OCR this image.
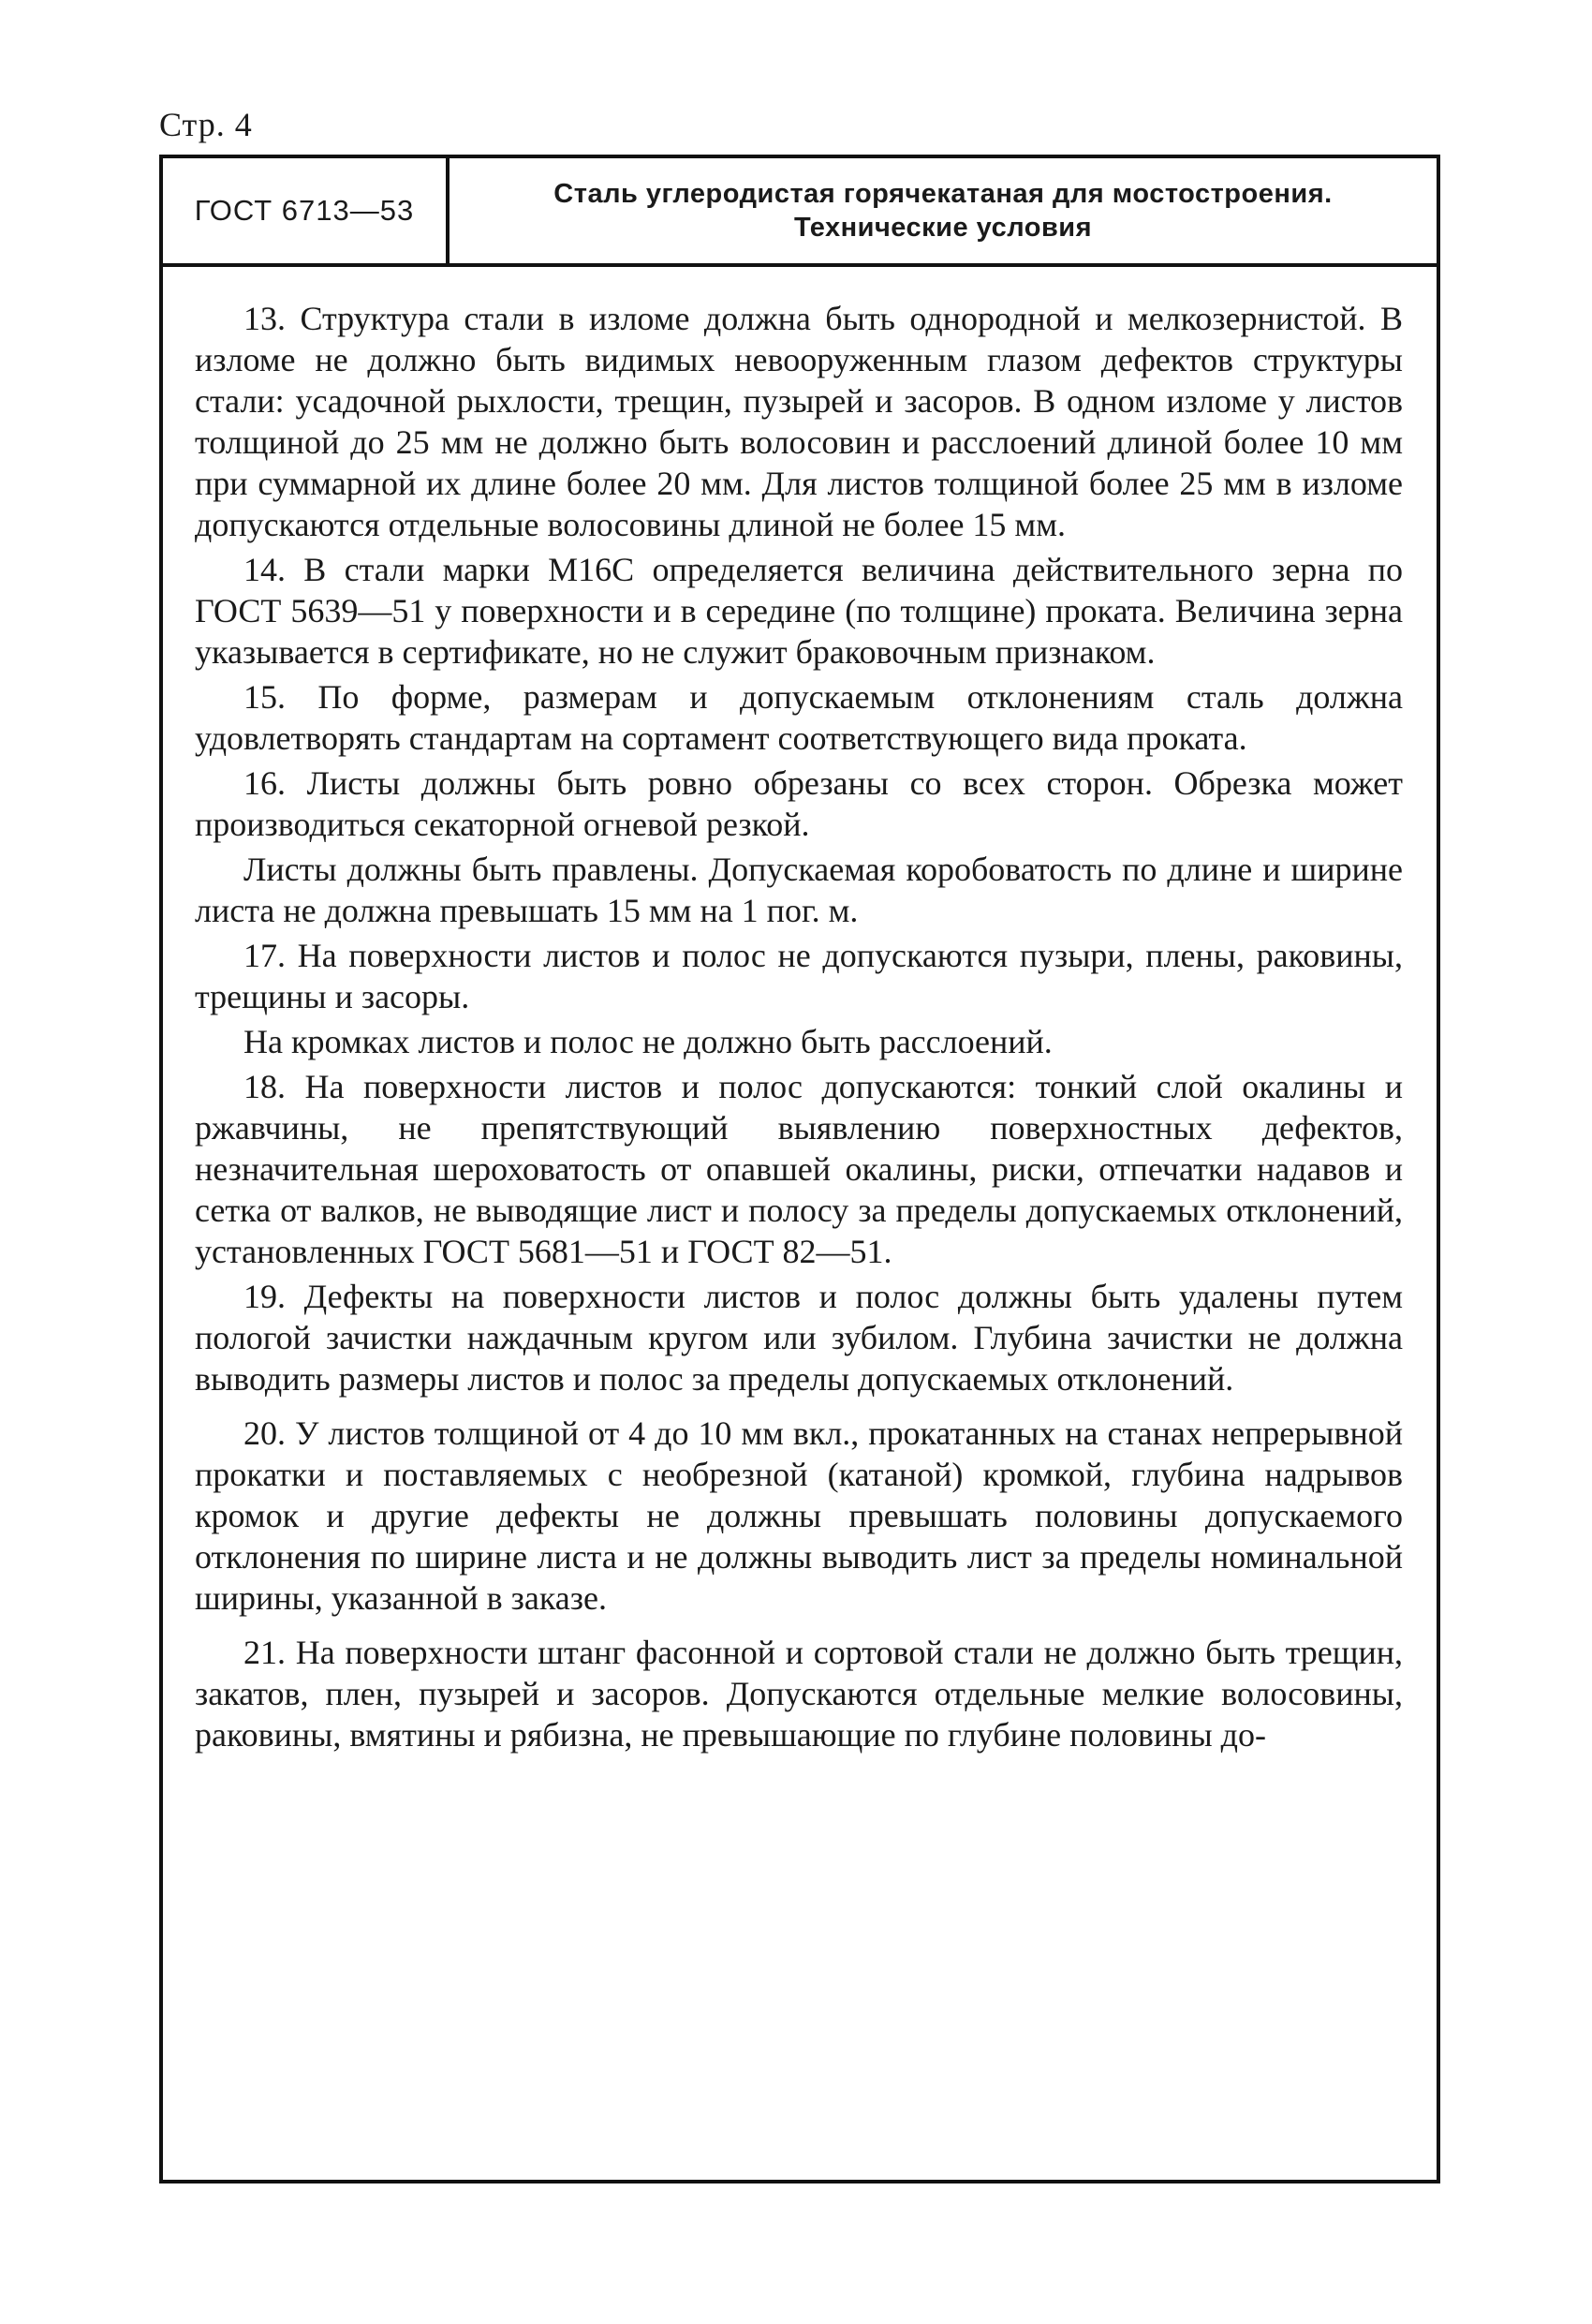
Стр. 4
ГОСТ 6713—53	Сталь углеродистая горячекатаная для мостостроения.
Технические условия

13. Структура стали в изломе должна быть однородной и мелкозернистой. В изломе не должно быть видимых невооруженным глазом дефектов структуры стали: усадочной рыхлости, трещин, пузырей и засоров. В одном изломе у листов толщиной до 25 мм не должно быть волосовин и расслоений длиной более 10 мм при суммарной их длине более 20 мм. Для листов толщиной более 25 мм в изломе допускаются отдельные волосовины длиной не более 15 мм.

14. В стали марки М16С определяется величина действительного зерна по ГОСТ 5639—51 у поверхности и в середине (по толщине) проката. Величина зерна указывается в сертификате, но не служит браковочным признаком.

15. По форме, размерам и допускаемым отклонениям сталь должна удовлетворять стандартам на сортамент соответствующего вида проката.

16. Листы должны быть ровно обрезаны со всех сторон. Обрезка может производиться секаторной огневой резкой.

Листы должны быть правлены. Допускаемая коробоватость по длине и ширине листа не должна превышать 15 мм на 1 пог. м.

17. На поверхности листов и полос не допускаются пузыри, плены, раковины, трещины и засоры.

На кромках листов и полос не должно быть расслоений.

18. На поверхности листов и полос допускаются: тонкий слой окалины и ржавчины, не препятствующий выявлению поверхностных дефектов, незначительная шероховатость от опавшей окалины, риски, отпечатки надавов и сетка от валков, не выводящие лист и полосу за пределы допускаемых отклонений, установленных ГОСТ 5681—51 и ГОСТ 82—51.

19. Дефекты на поверхности листов и полос должны быть удалены путем пологой зачистки наждачным кругом или зубилом. Глубина зачистки не должна выводить размеры листов и полос за пределы допускаемых отклонений.

20. У листов толщиной от 4 до 10 мм вкл., прокатанных на станах непрерывной прокатки и поставляемых с необрезной (катаной) кромкой, глубина надрывов кромок и другие дефекты не должны превышать половины допускаемого отклонения по ширине листа и не должны выводить лист за пределы номинальной ширины, указанной в заказе.

21. На поверхности штанг фасонной и сортовой стали не должно быть трещин, закатов, плен, пузырей и засоров. Допускаются отдельные мелкие волосовины, раковины, вмятины и рябизна, не превышающие по глубине половины до-
